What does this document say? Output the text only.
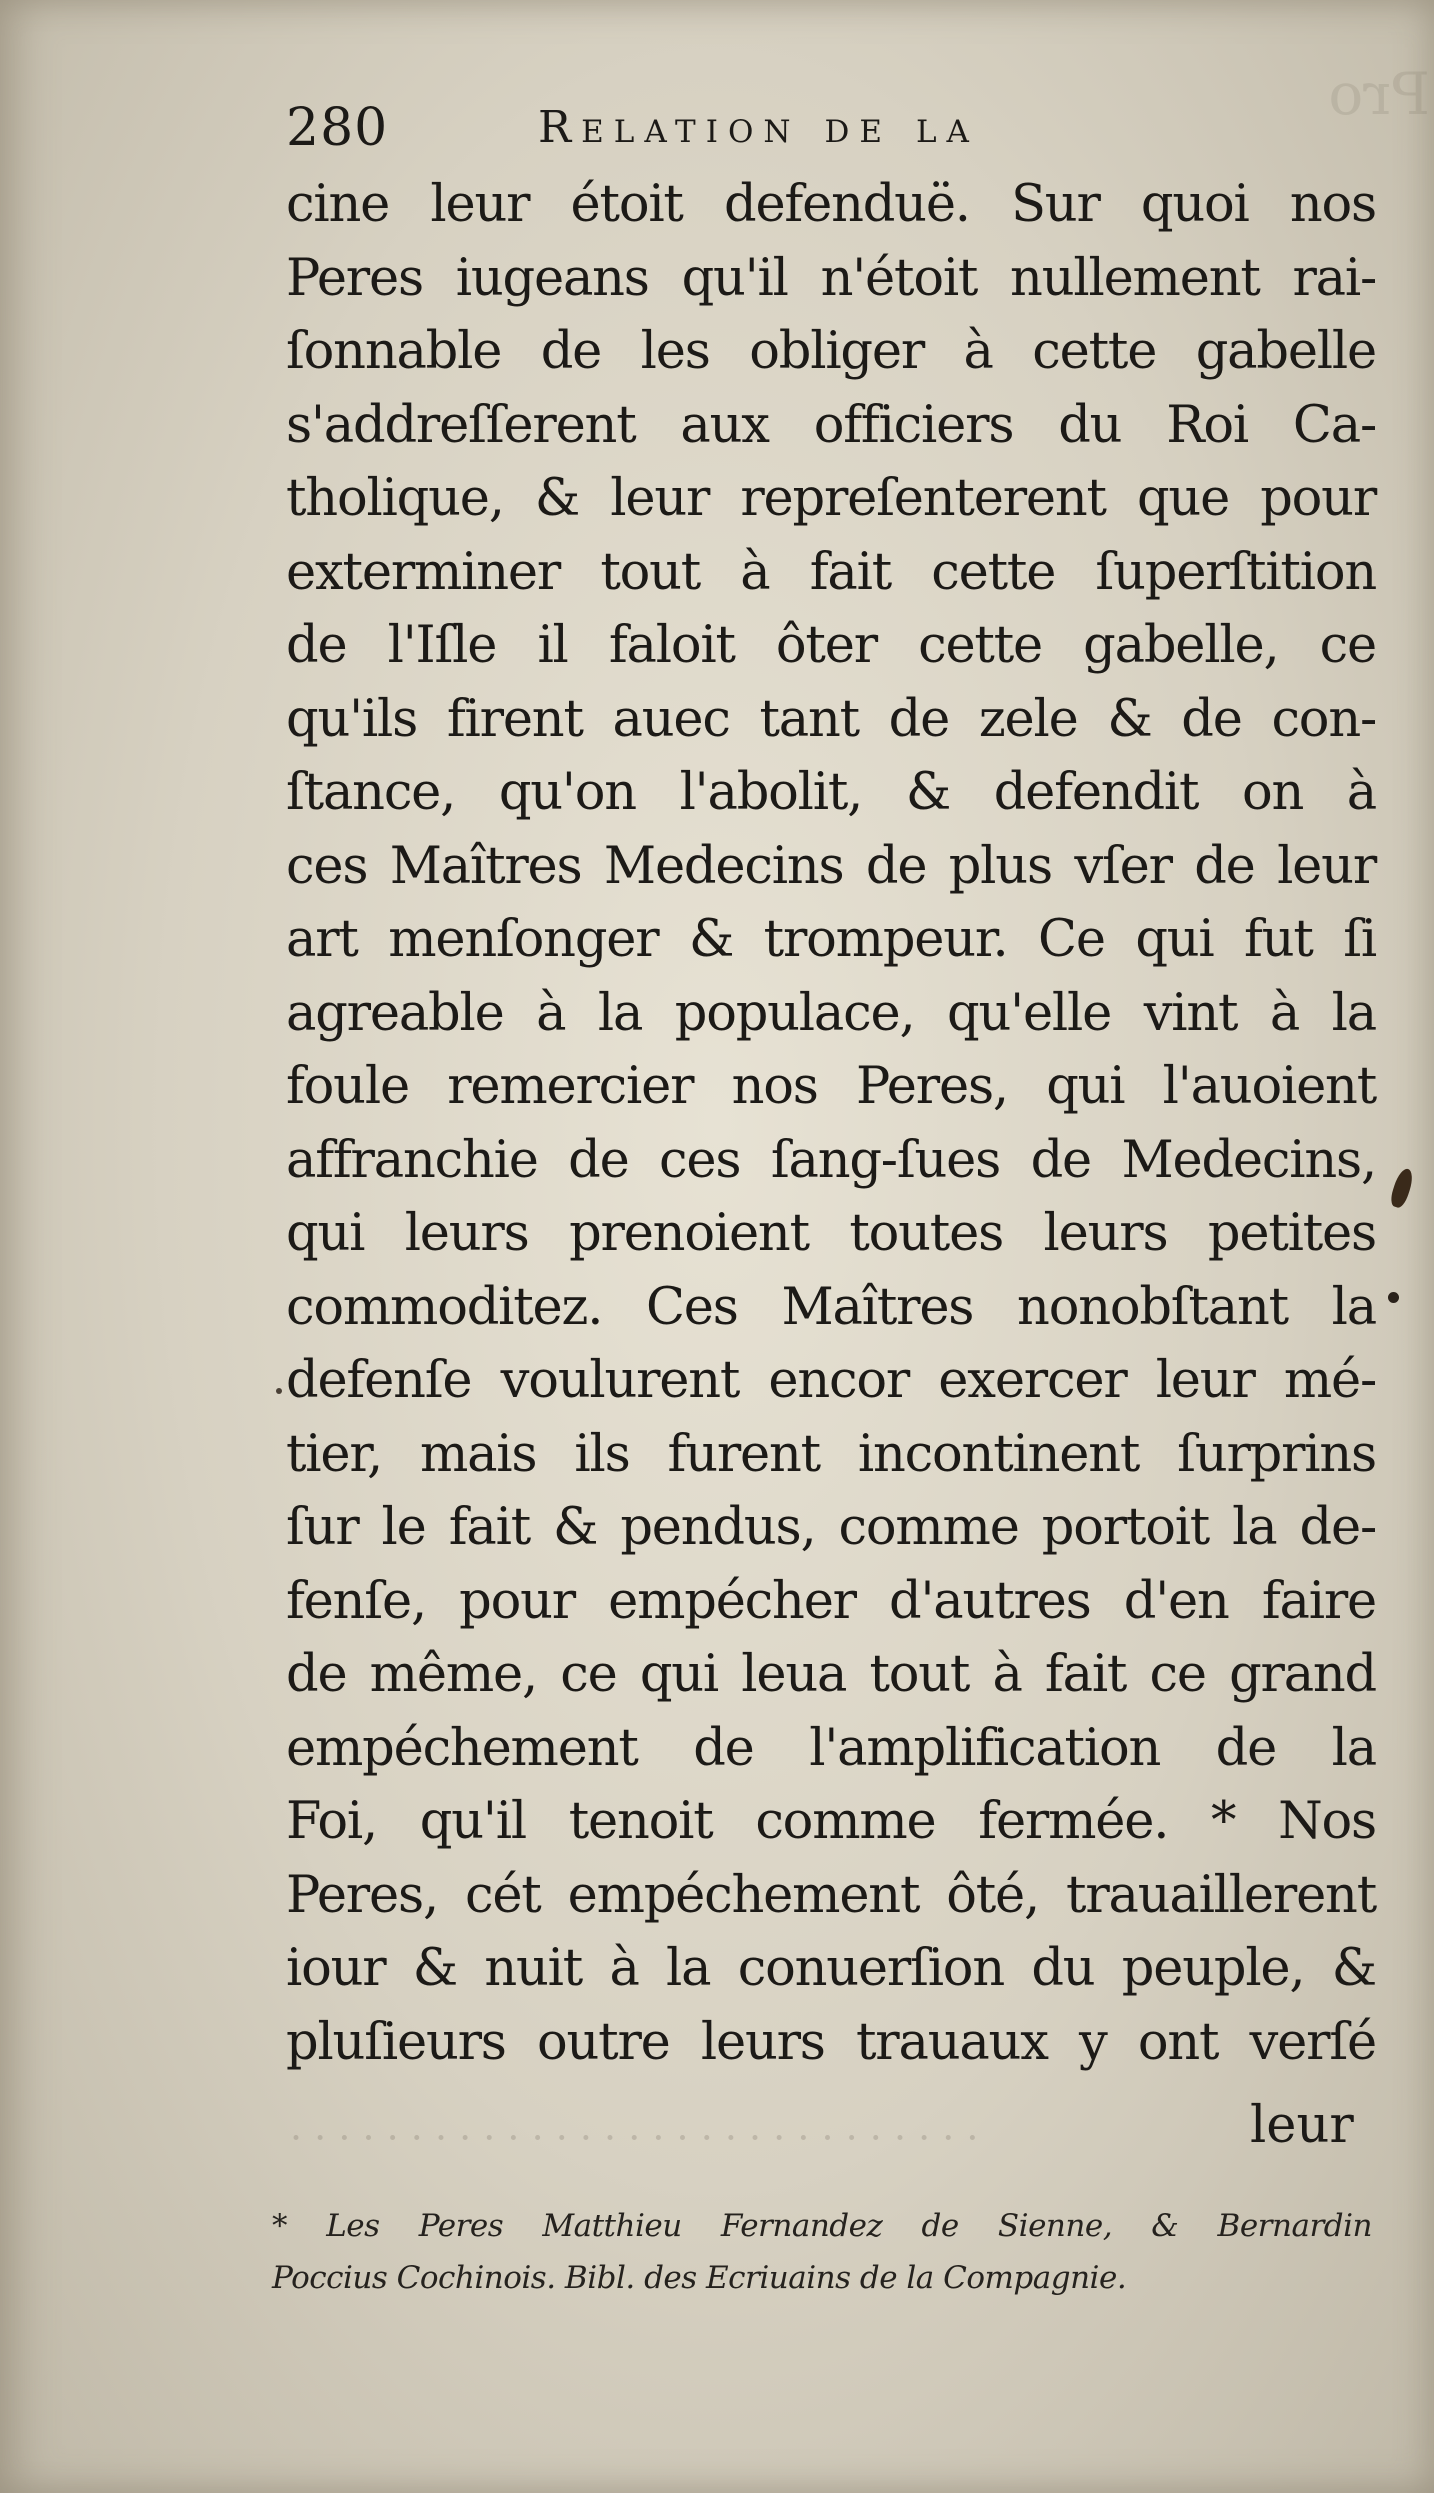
Pro
280	Relation de la
cine leur étoit defenduë. Sur quoi nos
Peres iugeans qu'il n'étoit nullement rai-
ſonnable de les obliger à cette gabelle
s'addreſſerent aux officiers du Roi Ca-
tholique, & leur repreſenterent que pour
exterminer tout à fait cette ſuperſtition
de l'Iſle il faloit ôter cette gabelle, ce
qu'ils firent auec tant de zele & de con-
ſtance, qu'on l'abolit, & defendit on à
ces Maîtres Medecins de plus vſer de leur
art menſonger & trompeur. Ce qui fut ſi
agreable à la populace, qu'elle vint à la
foule remercier nos Peres, qui l'auoient
affranchie de ces ſang-ſues de Medecins,
qui leurs prenoient toutes leurs petites
commoditez. Ces Maîtres nonobſtant la
defenſe voulurent encor exercer leur mé-
tier, mais ils furent incontinent ſurprins
ſur le fait & pendus, comme portoit la de-
fenſe, pour empécher d'autres d'en faire
de même, ce qui leua tout à fait ce grand
empéchement de l'amplification de la
Foi, qu'il tenoit comme fermée. * Nos
Peres, cét empéchement ôté, trauaillerent
iour & nuit à la conuerſion du peuple, &
pluſieurs outre leurs trauaux y ont verſé
leur
· · · · · · · · · · · · · · · · · · · · · · · · · · · · ·
* Les Peres Matthieu Fernandez de Sienne, & Bernardin
Poccius Cochinois. Bibl. des Ecriuains de la Compagnie.
